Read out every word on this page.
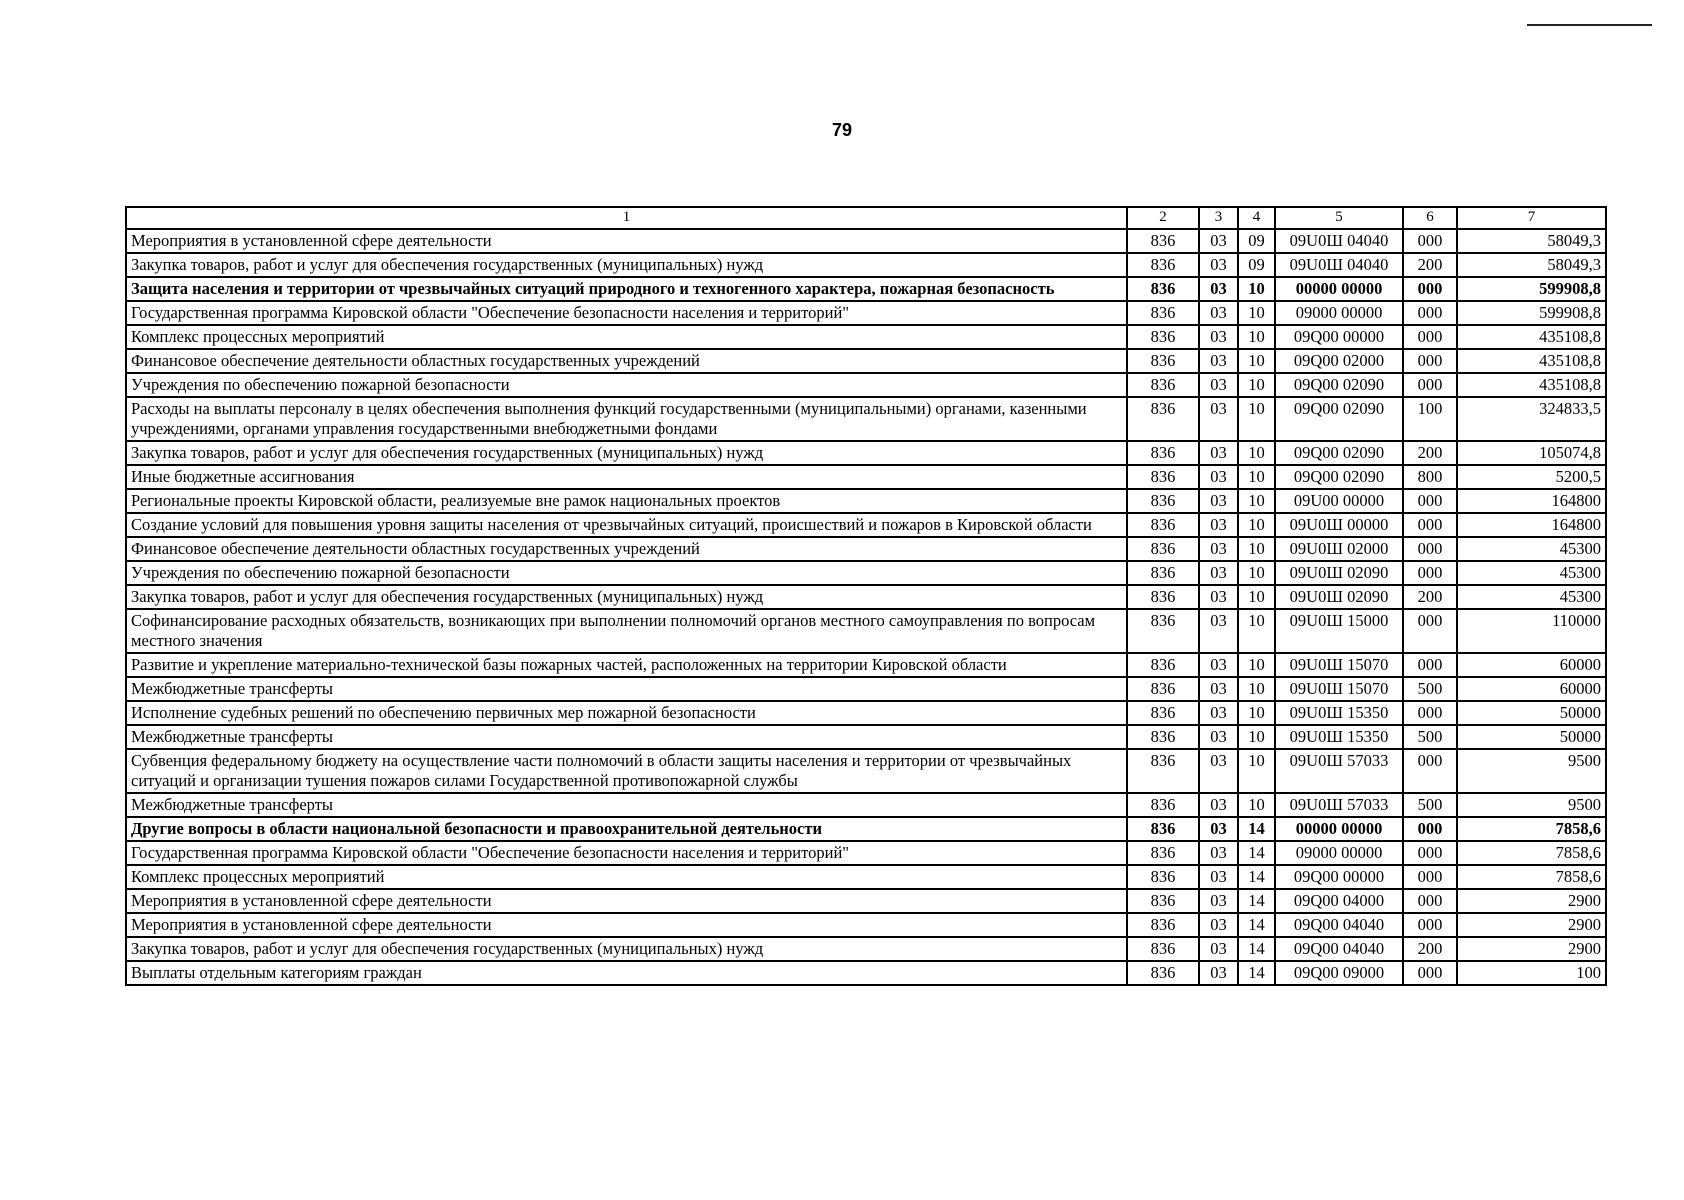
79
1	2	3	4	5	6	7
Мероприятия в установленной сфере деятельности	836	03	09	09U0Ш 04040	000	58049,3
Закупка товаров, работ и услуг для обеспечения государственных (муниципальных) нужд	836	03	09	09U0Ш 04040	200	58049,3
Защита населения и территории от чрезвычайных ситуаций природного и техногенного характера, пожарная безопасность	836	03	10	00000 00000	000	599908,8
Государственная программа Кировской области "Обеспечение безопасности населения и территорий"	836	03	10	09000 00000	000	599908,8
Комплекс процессных мероприятий	836	03	10	09Q00 00000	000	435108,8
Финансовое обеспечение деятельности областных государственных учреждений	836	03	10	09Q00 02000	000	435108,8
Учреждения по обеспечению пожарной безопасности	836	03	10	09Q00 02090	000	435108,8
Расходы на выплаты персоналу в целях обеспечения выполнения функций государственными (муниципальными) органами, казенными учреждениями, органами управления государственными внебюджетными фондами	836	03	10	09Q00 02090	100	324833,5
Закупка товаров, работ и услуг для обеспечения государственных (муниципальных) нужд	836	03	10	09Q00 02090	200	105074,8
Иные бюджетные ассигнования	836	03	10	09Q00 02090	800	5200,5
Региональные проекты Кировской области, реализуемые вне рамок национальных проектов	836	03	10	09U00 00000	000	164800
Создание условий для повышения уровня защиты населения от чрезвычайных ситуаций, происшествий и пожаров в Кировской области	836	03	10	09U0Ш 00000	000	164800
Финансовое обеспечение деятельности областных государственных учреждений	836	03	10	09U0Ш 02000	000	45300
Учреждения по обеспечению пожарной безопасности	836	03	10	09U0Ш 02090	000	45300
Закупка товаров, работ и услуг для обеспечения государственных (муниципальных) нужд	836	03	10	09U0Ш 02090	200	45300
Софинансирование расходных обязательств, возникающих при выполнении полномочий органов местного самоуправления по вопросам местного значения	836	03	10	09U0Ш 15000	000	110000
Развитие и укрепление материально-технической базы пожарных частей, расположенных на территории Кировской области	836	03	10	09U0Ш 15070	000	60000
Межбюджетные трансферты	836	03	10	09U0Ш 15070	500	60000
Исполнение судебных решений по обеспечению первичных мер пожарной безопасности	836	03	10	09U0Ш 15350	000	50000
Межбюджетные трансферты	836	03	10	09U0Ш 15350	500	50000
Субвенция федеральному бюджету на осуществление части полномочий в области защиты населения и территории от чрезвычайных ситуаций и организации тушения пожаров силами Государственной противопожарной службы	836	03	10	09U0Ш 57033	000	9500
Межбюджетные трансферты	836	03	10	09U0Ш 57033	500	9500
Другие вопросы в области национальной безопасности и правоохранительной деятельности	836	03	14	00000 00000	000	7858,6
Государственная программа Кировской области "Обеспечение безопасности населения и территорий"	836	03	14	09000 00000	000	7858,6
Комплекс процессных мероприятий	836	03	14	09Q00 00000	000	7858,6
Мероприятия в установленной сфере деятельности	836	03	14	09Q00 04000	000	2900
Мероприятия в установленной сфере деятельности	836	03	14	09Q00 04040	000	2900
Закупка товаров, работ и услуг для обеспечения государственных (муниципальных) нужд	836	03	14	09Q00 04040	200	2900
Выплаты отдельным категориям граждан	836	03	14	09Q00 09000	000	100
